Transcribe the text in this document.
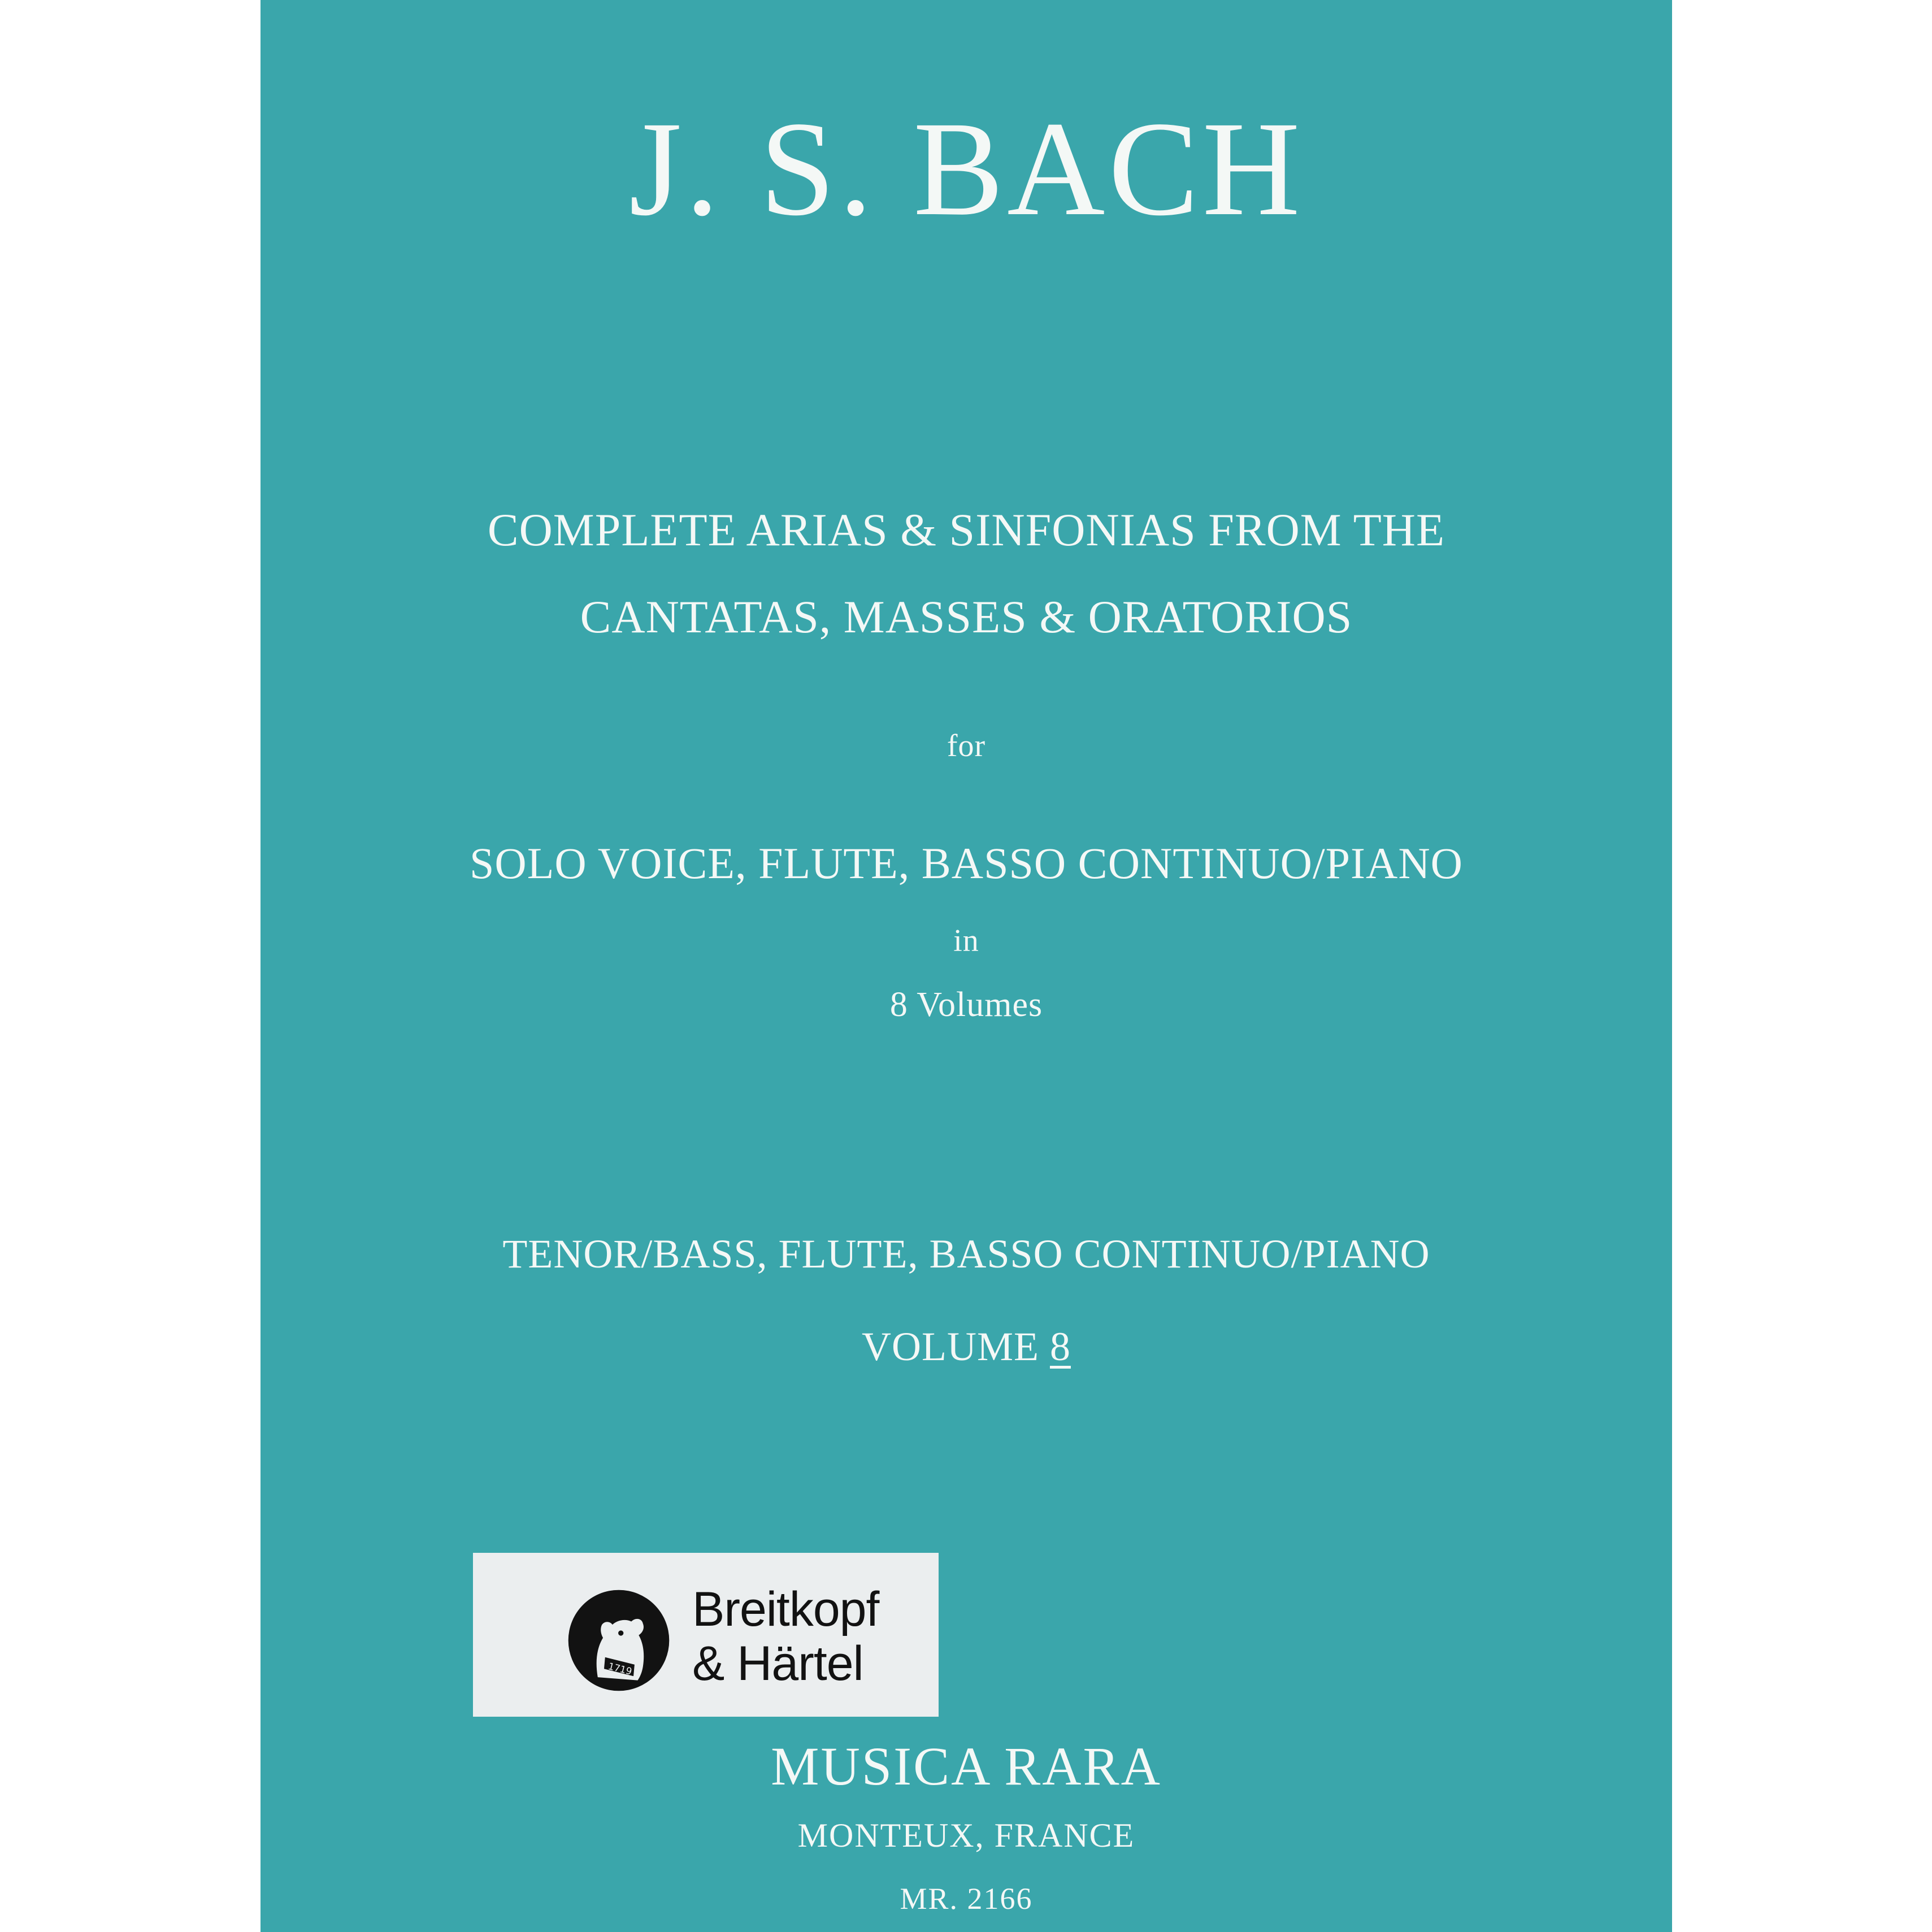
J. S. BACH
COMPLETE ARIAS & SINFONIAS FROM THE
CANTATAS, MASSES & ORATORIOS
for
SOLO VOICE, FLUTE, BASSO CONTINUO/PIANO
in
8 Volumes
TENOR/BASS, FLUTE, BASSO CONTINUO/PIANO
VOLUME 8
MUSICA RARA
MONTEUX, FRANCE
MR. 2166
1719
Breitkopf
& Härtel
